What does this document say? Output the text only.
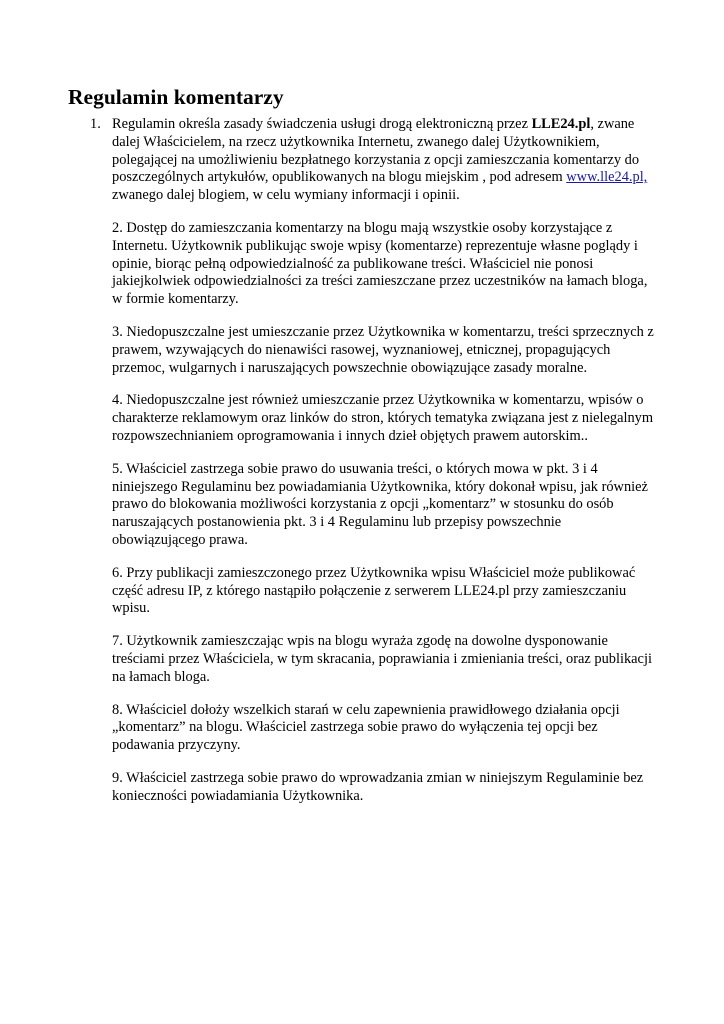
Regulamin komentarzy
1. Regulamin określa zasady świadczenia usługi drogą elektroniczną przez LLE24.pl, zwane dalej Właścicielem, na rzecz użytkownika Internetu, zwanego dalej Użytkownikiem, polegającej na umożliwieniu bezpłatnego korzystania z opcji zamieszczania komentarzy do poszczególnych artykułów, opublikowanych na blogu miejskim , pod adresem www.lle24.pl, zwanego dalej blogiem, w celu wymiany informacji i opinii.

2. Dostęp do zamieszczania komentarzy na blogu mają wszystkie osoby korzystające z Internetu. Użytkownik publikując swoje wpisy (komentarze) reprezentuje własne poglądy i opinie, biorąc pełną odpowiedzialność za publikowane treści. Właściciel nie ponosi jakiejkolwiek odpowiedzialności za treści zamieszczane przez uczestników na łamach bloga, w formie komentarzy.

3. Niedopuszczalne jest umieszczanie przez Użytkownika w komentarzu, treści sprzecznych z prawem, wzywających do nienawiści rasowej, wyznaniowej, etnicznej, propagujących przemoc, wulgarnych i naruszających powszechnie obowiązujące zasady moralne.

4. Niedopuszczalne jest również umieszczanie przez Użytkownika w komentarzu, wpisów o charakterze reklamowym oraz linków do stron, których tematyka związana jest z nielegalnym rozpowszechnianiem oprogramowania i innych dzieł objętych prawem autorskim..

5. Właściciel zastrzega sobie prawo do usuwania treści, o których mowa w pkt. 3 i 4 niniejszego Regulaminu bez powiadamiania Użytkownika, który dokonał wpisu, jak również prawo do blokowania możliwości korzystania z opcji „komentarz” w stosunku do osób naruszających postanowienia pkt. 3 i 4 Regulaminu lub przepisy powszechnie obowiązującego prawa.

6. Przy publikacji zamieszczonego przez Użytkownika wpisu Właściciel może publikować część adresu IP, z którego nastąpiło połączenie z serwerem LLE24.pl przy zamieszczaniu wpisu.

7. Użytkownik zamieszczając wpis na blogu wyraża zgodę na dowolne dysponowanie treściami przez Właściciela, w tym skracania, poprawiania i zmieniania treści, oraz publikacji na łamach bloga.

8. Właściciel dołoży wszelkich starań w celu zapewnienia prawidłowego działania opcji „komentarz” na blogu. Właściciel zastrzega sobie prawo do wyłączenia tej opcji bez podawania przyczyny.

9. Właściciel zastrzega sobie prawo do wprowadzania zmian w niniejszym Regulaminie bez konieczności powiadamiania Użytkownika.
